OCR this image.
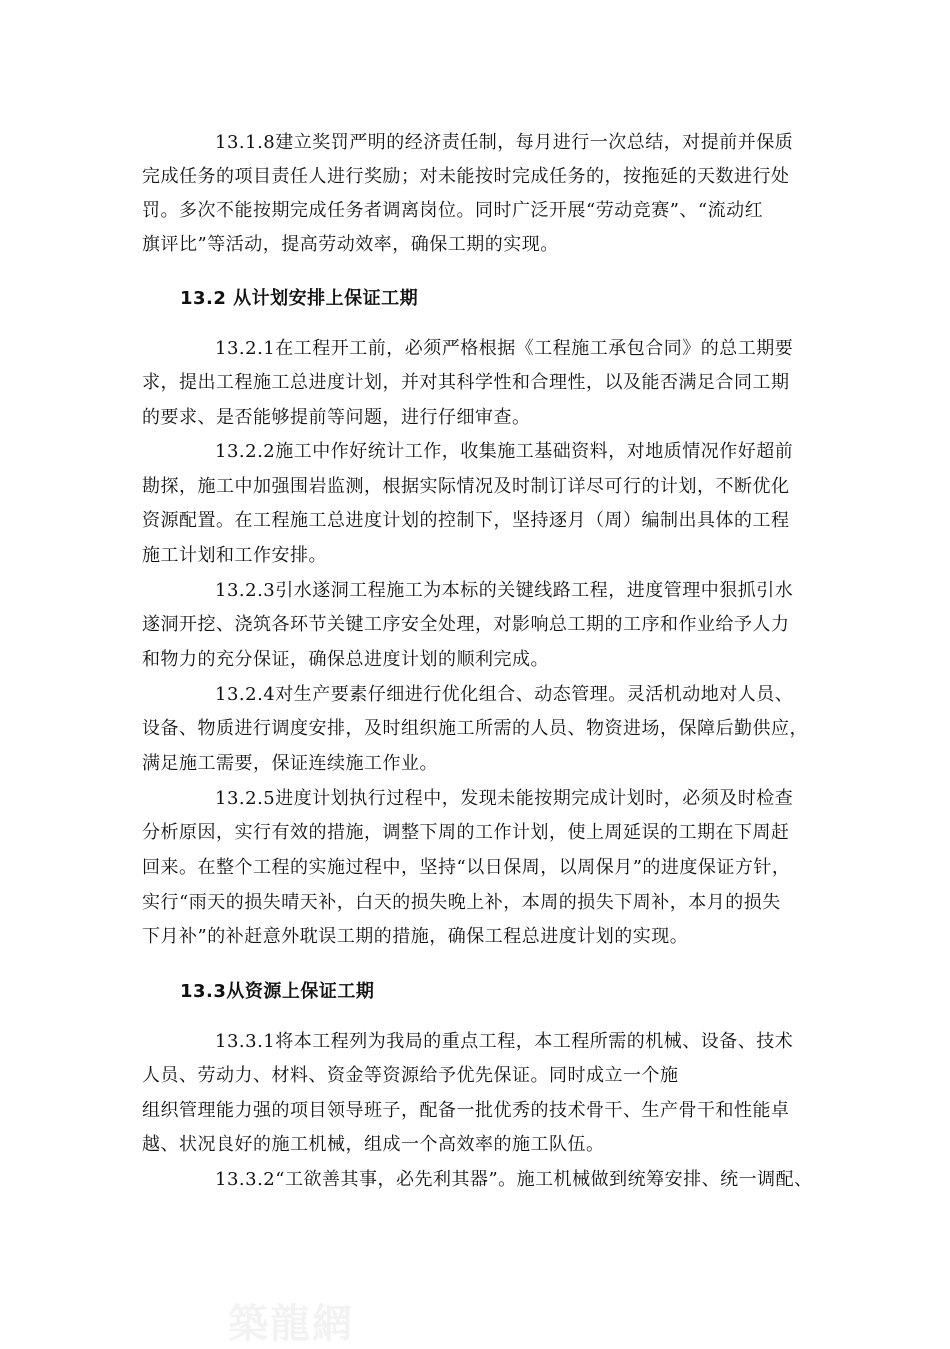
13.1.8建立奖罚严明的经济责任制，每月进行一次总结，对提前并保质
完成任务的项目责任人进行奖励；对未能按时完成任务的，按拖延的天数进行处
罚。多次不能按期完成任务者调离岗位。同时广泛开展“劳动竞赛”、“流动红
旗评比”等活动，提高劳动效率，确保工期的实现。
13.2 从计划安排上保证工期
13.2.1在工程开工前，必须严格根据《工程施工承包合同》的总工期要
求，提出工程施工总进度计划，并对其科学性和合理性，以及能否满足合同工期
的要求、是否能够提前等问题，进行仔细审查。
13.2.2施工中作好统计工作，收集施工基础资料，对地质情况作好超前
勘探，施工中加强围岩监测，根据实际情况及时制订详尽可行的计划，不断优化
资源配置。在工程施工总进度计划的控制下，坚持逐月（周）编制出具体的工程
施工计划和工作安排。
13.2.3引水遂洞工程施工为本标的关键线路工程，进度管理中狠抓引水
遂洞开挖、浇筑各环节关键工序安全处理，对影响总工期的工序和作业给予人力
和物力的充分保证，确保总进度计划的顺利完成。
13.2.4对生产要素仔细进行优化组合、动态管理。灵活机动地对人员、
设备、物质进行调度安排，及时组织施工所需的人员、物资进场，保障后勤供应，
满足施工需要，保证连续施工作业。
13.2.5进度计划执行过程中，发现未能按期完成计划时，必须及时检查
分析原因，实行有效的措施，调整下周的工作计划，使上周延误的工期在下周赶
回来。在整个工程的实施过程中，坚持“以日保周，以周保月”的进度保证方针，
实行“雨天的损失晴天补，白天的损失晚上补，本周的损失下周补，本月的损失
下月补”的补赶意外耽误工期的措施，确保工程总进度计划的实现。
13.3从资源上保证工期
13.3.1将本工程列为我局的重点工程，本工程所需的机械、设备、技术
人员、劳动力、材料、资金等资源给予优先保证。同时成立一个施
组织管理能力强的项目领导班子，配备一批优秀的技术骨干、生产骨干和性能卓
越、状况良好的施工机械，组成一个高效率的施工队伍。
13.3.2“工欲善其事，必先利其器”。施工机械做到统筹安排、统一调配、
築龍網
